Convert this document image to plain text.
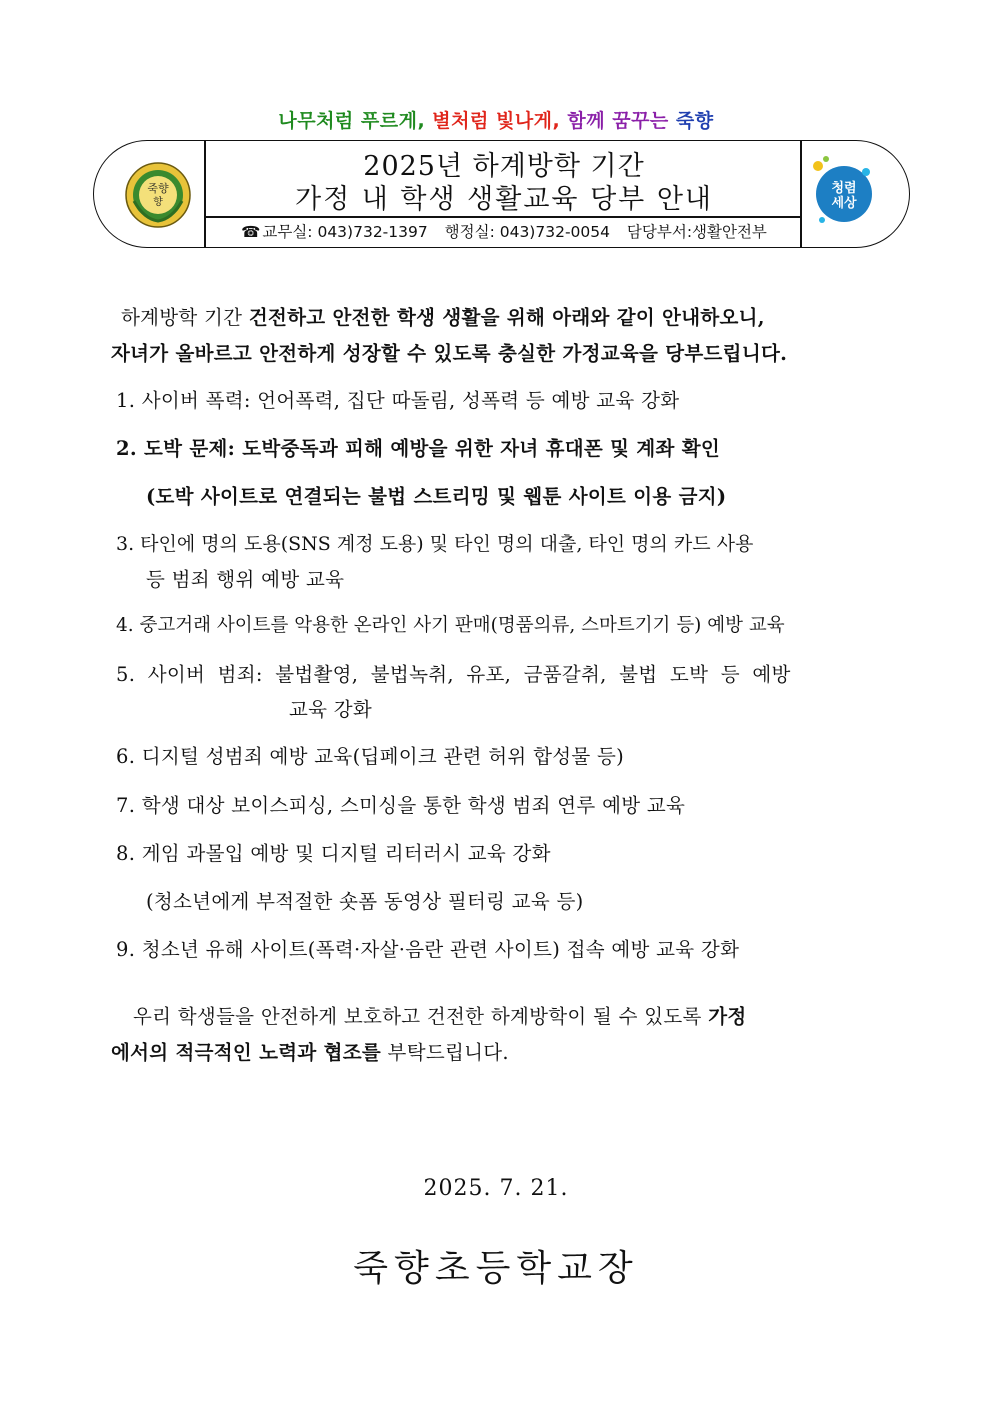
나무처럼 푸르게, 별처럼 빛나게, 함께 꿈꾸는 죽향
죽향
향
청렴
세상
2025년 하계방학 기간
가정 내 학생 생활교육 당부 안내
☎ 교무실: 043)732-1397 행정실: 043)732-0054 담당부서:생활안전부
하계방학 기간 건전하고 안전한 학생 생활을 위해 아래와 같이 안내하오니,
자녀가 올바르고 안전하게 성장할 수 있도록 충실한 가정교육을 당부드립니다.
1. 사이버 폭력: 언어폭력, 집단 따돌림, 성폭력 등 예방 교육 강화
2. 도박 문제: 도박중독과 피해 예방을 위한 자녀 휴대폰 및 계좌 확인
(도박 사이트로 연결되는 불법 스트리밍 및 웹툰 사이트 이용 금지)
3. 타인에 명의 도용(SNS 계정 도용) 및 타인 명의 대출, 타인 명의 카드 사용
등 범죄 행위 예방 교육
4. 중고거래 사이트를 악용한 온라인 사기 판매(명품의류, 스마트기기 등) 예방 교육
5. 사이버 범죄: 불법촬영, 불법녹취, 유포, 금품갈취, 불법 도박 등 예방
교육 강화
6. 디지털 성범죄 예방 교육(딥페이크 관련 허위 합성물 등)
7. 학생 대상 보이스피싱, 스미싱을 통한 학생 범죄 연루 예방 교육
8. 게임 과몰입 예방 및 디지털 리터러시 교육 강화
(청소년에게 부적절한 숏폼 동영상 필터링 교육 등)
9. 청소년 유해 사이트(폭력·자살·음란 관련 사이트) 접속 예방 교육 강화
우리 학생들을 안전하게 보호하고 건전한 하계방학이 될 수 있도록 가정
에서의 적극적인 노력과 협조를 부탁드립니다.
2025. 7. 21.
죽향초등학교장
